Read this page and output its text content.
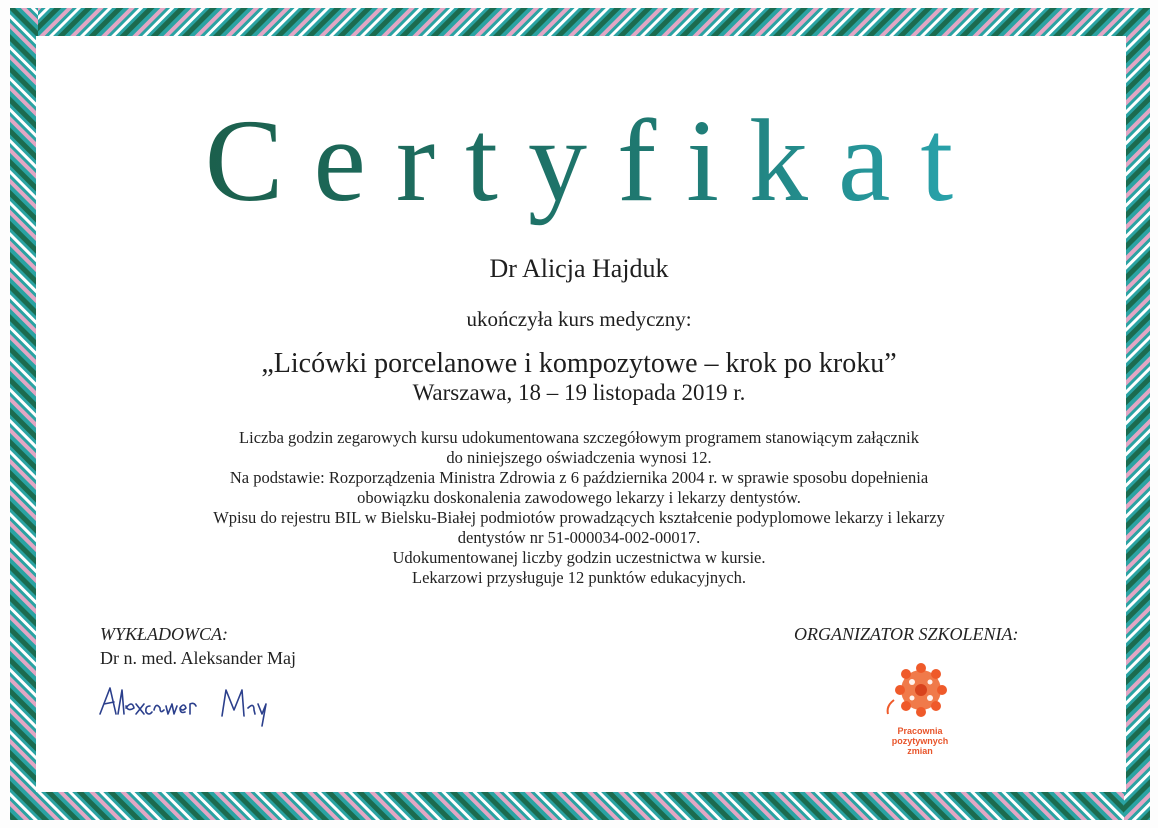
Certyfikat

Dr Alicja Hajduk

ukończyła kurs medyczny:

„Licówki porcelanowe i kompozytowe – krok po kroku”

Warszawa, 18 – 19 listopada 2019 r.

Liczba godzin zegarowych kursu udokumentowana szczegółowym programem stanowiącym załącznik

do niniejszego oświadczenia wynosi 12.

Na podstawie: Rozporządzenia Ministra Zdrowia z 6 października 2004 r. w sprawie sposobu dopełnienia

obowiązku doskonalenia zawodowego lekarzy i lekarzy dentystów.

Wpisu do rejestru BIL w Bielsku-Białej podmiotów prowadzących kształcenie podyplomowe lekarzy i lekarzy

dentystów nr 51-000034-002-00017.

Udokumentowanej liczby godzin uczestnictwa w kursie.

Lekarzowi przysługuje 12 punktów edukacyjnych.

WYKŁADOWCA:

Dr n. med. Aleksander Maj

ORGANIZATOR SZKOLENIA:

Pracownia
pozytywnych
zmian
